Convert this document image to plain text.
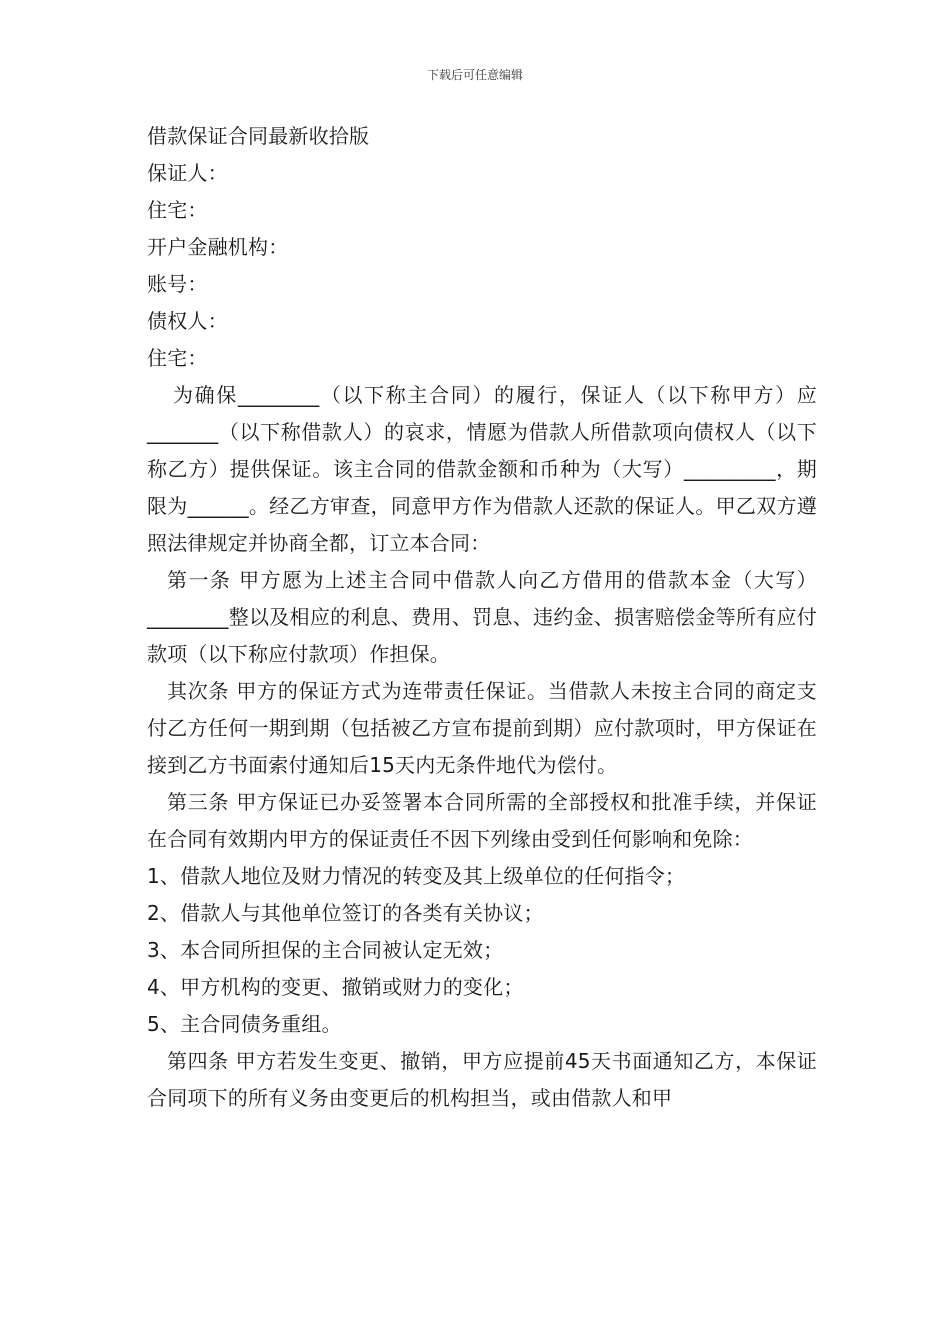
下载后可任意编辑
借款保证合同最新收拾版

保证人：

住宅：

开户金融机构：

账号：

债权人：

住宅：

为确保________（以下称主合同）的履行，保证人（以下称甲方）应_______（以下称借款人）的哀求，情愿为借款人所借款项向债权人（以下称乙方）提供保证。该主合同的借款金额和币种为（大写）_________，期限为______。经乙方审查，同意甲方作为借款人还款的保证人。甲乙双方遵照法律规定并协商全都，订立本合同：

第一条 甲方愿为上述主合同中借款人向乙方借用的借款本金（大写）________整以及相应的利息、费用、罚息、违约金、损害赔偿金等所有应付款项（以下称应付款项）作担保。

其次条 甲方的保证方式为连带责任保证。当借款人未按主合同的商定支付乙方任何一期到期（包括被乙方宣布提前到期）应付款项时，甲方保证在接到乙方书面索付通知后15天内无条件地代为偿付。

第三条 甲方保证已办妥签署本合同所需的全部授权和批准手续，并保证在合同有效期内甲方的保证责任不因下列缘由受到任何影响和免除：

1、借款人地位及财力情况的转变及其上级单位的任何指令；

2、借款人与其他单位签订的各类有关协议；

3、本合同所担保的主合同被认定无效；

4、甲方机构的变更、撤销或财力的变化；

5、主合同债务重组。

第四条 甲方若发生变更、撤销，甲方应提前45天书面通知乙方，本保证合同项下的所有义务由变更后的机构担当，或由借款人和甲
